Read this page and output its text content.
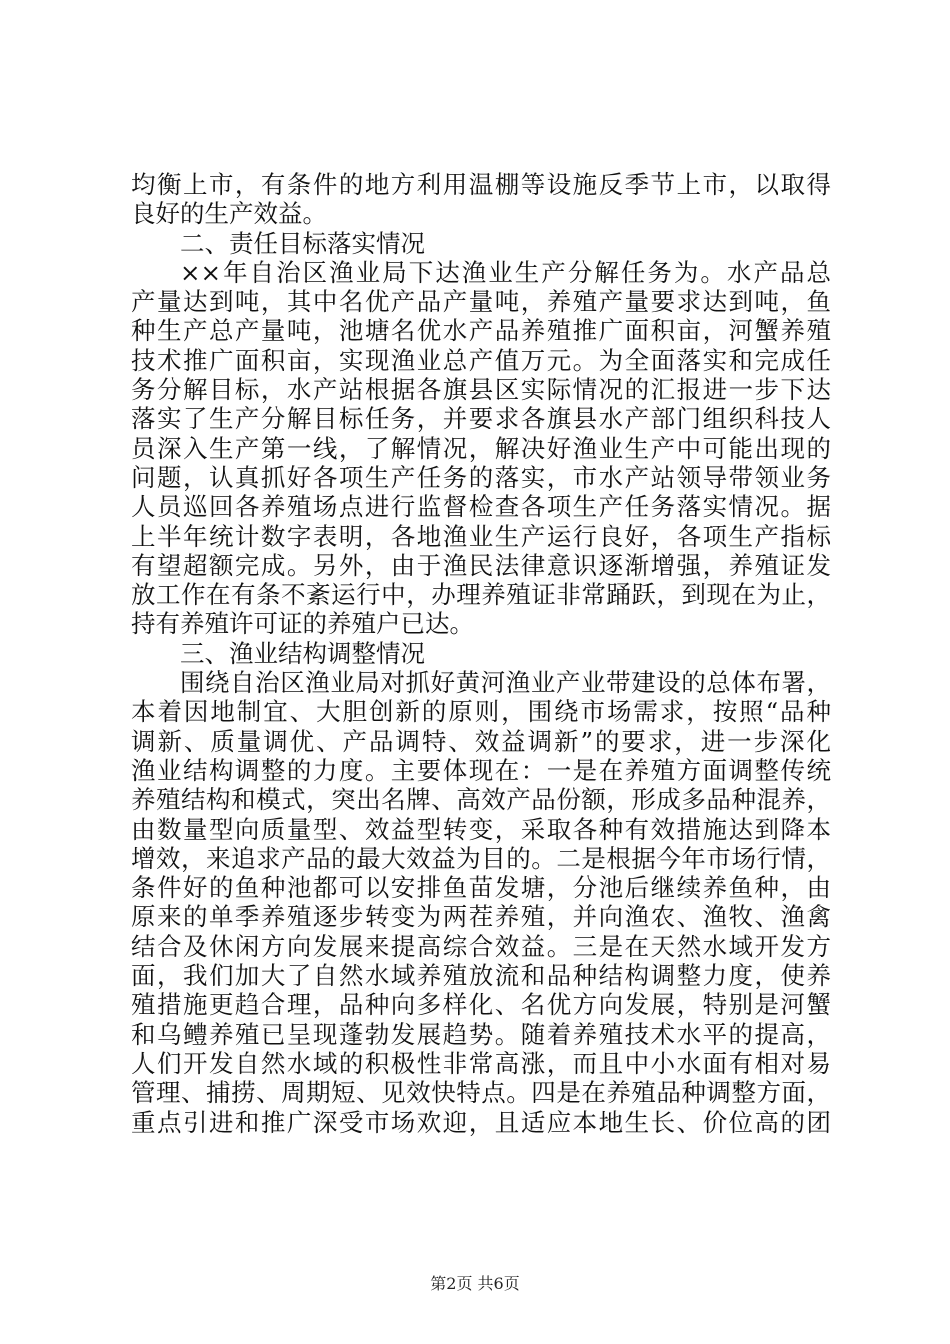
均衡上市，有条件的地方利用温棚等设施反季节上市，以取得
良好的生产效益。
二、责任目标落实情况
××年自治区渔业局下达渔业生产分解任务为。水产品总
产量达到吨，其中名优产品产量吨，养殖产量要求达到吨，鱼
种生产总产量吨，池塘名优水产品养殖推广面积亩，河蟹养殖
技术推广面积亩，实现渔业总产值万元。为全面落实和完成任
务分解目标，水产站根据各旗县区实际情况的汇报进一步下达
落实了生产分解目标任务，并要求各旗县水产部门组织科技人
员深入生产第一线，了解情况，解决好渔业生产中可能出现的
问题，认真抓好各项生产任务的落实，市水产站领导带领业务
人员巡回各养殖场点进行监督检查各项生产任务落实情况。据
上半年统计数字表明，各地渔业生产运行良好，各项生产指标
有望超额完成。另外，由于渔民法律意识逐渐增强，养殖证发
放工作在有条不紊运行中，办理养殖证非常踊跃，到现在为止，
持有养殖许可证的养殖户已达。
三、渔业结构调整情况
围绕自治区渔业局对抓好黄河渔业产业带建设的总体布署，
本着因地制宜、大胆创新的原则，围绕市场需求，按照“品种
调新、质量调优、产品调特、效益调新”的要求，进一步深化
渔业结构调整的力度。主要体现在：一是在养殖方面调整传统
养殖结构和模式，突出名牌、高效产品份额，形成多品种混养，
由数量型向质量型、效益型转变，采取各种有效措施达到降本
增效，来追求产品的最大效益为目的。二是根据今年市场行情，
条件好的鱼种池都可以安排鱼苗发塘，分池后继续养鱼种，由
原来的单季养殖逐步转变为两茬养殖，并向渔农、渔牧、渔禽
结合及休闲方向发展来提高综合效益。三是在天然水域开发方
面，我们加大了自然水域养殖放流和品种结构调整力度，使养
殖措施更趋合理，品种向多样化、名优方向发展，特别是河蟹
和乌鳢养殖已呈现蓬勃发展趋势。随着养殖技术水平的提高，
人们开发自然水域的积极性非常高涨，而且中小水面有相对易
管理、捕捞、周期短、见效快特点。四是在养殖品种调整方面，
重点引进和推广深受市场欢迎，且适应本地生长、价位高的团
第2页 共6页
